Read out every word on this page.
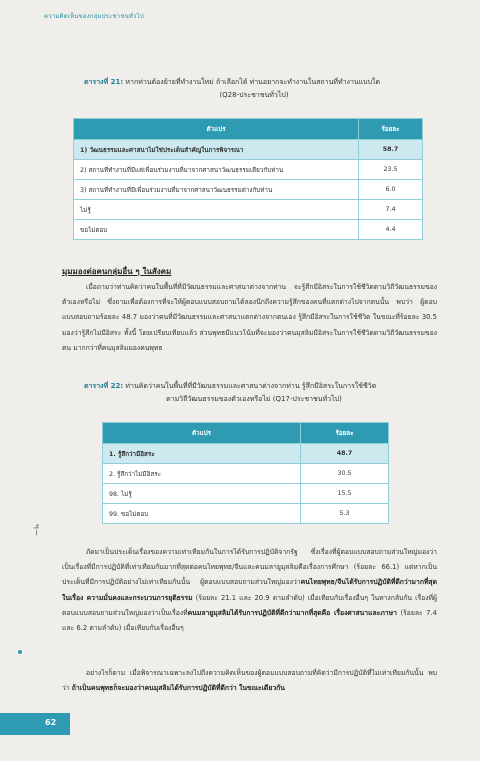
ความคิดเห็นของกลุ่มประชาชนทั่วไป
ตารางที่ 21: หากท่านต้องย้ายที่ทำงานใหม่ ถ้าเลือกได้ ท่านอยากจะทำงานในสถานที่ทำงานแบบใด
(Q28-ประชาชนทั่วไป)
ตัวแปร	ร้อยละ
1) วัฒนธรรมและศาสนาไม่ใช่ประเด็นสำคัญในการพิจารณา	58.7
2) สถานที่ทำงานที่มีแต่เพื่อนร่วมงานที่มาจากศาสนาวัฒนธรรมเดียวกับท่าน	23.5
3) สถานที่ทำงานที่มีเพื่อนร่วมงานที่มาจากศาสนาวัฒนธรรมต่างกับท่าน	6.0
ไม่รู้	7.4
ขอไม่ตอบ	4.4
มุมมองต่อคนกลุ่มอื่น ๆ ในสังคม

เมื่อถามว่าท่านคิดว่าคนในพื้นที่ที่มีวัฒนธรรมและศาสนาต่างจากท่าน จะรู้สึกมีอิสระในการใช้ชีวิตตามวิถีวัฒนธรรมของตัวเองหรือไม่ ซึ่งถามเพื่อต้องการที่จะให้ผู้ตอบแบบสอบถามได้ลองนึกถึงความรู้สึกของคนที่แตกต่างไปจากตนนั้น พบว่า ผู้ตอบแบบสอบถามร้อยละ 48.7 มองว่าคนที่มีวัฒนธรรมและศาสนาแตกต่างจากตนเอง รู้สึกมีอิสระในการใช้ชีวิต ในขณะที่ร้อยละ 30.5 มองว่ารู้สึกไม่มีอิสระ ทั้งนี้ โดยเปรียบเทียบแล้ว ส่วนพุทธมีแนวโน้มที่จะมองว่าคนมุสลิมมีอิสระในการใช้ชีวิตตามวิถีวัฒนธรรมของตน มากกว่าที่คนมุสลิมมองคนพุทธ

ตารางที่ 22: ท่านคิดว่าคนในพื้นที่ที่มีวัฒนธรรมและศาสนาต่างจากท่าน รู้สึกมีอิสระในการใช้ชีวิต
ตามวิถีวัฒนธรรมของตัวเองหรือไม่ (Q17-ประชาชนทั่วไป)
ตัวแปร	ร้อยละ
1. รู้สึกว่ามีอิสระ	48.7
2. รู้สึกว่าไม่มีอิสระ	30.5
98. ไม่รู้	15.5
99. ขอไม่ตอบ	5.3
ฯ~

ถัดมาเป็นประเด็นเรื่องของความเท่าเทียมกันในการได้รับการปฏิบัติจากรัฐ ซึ่งเรื่องที่ผู้ตอบแบบสอบถามส่วนใหญ่มองว่าเป็นเรื่องที่มีการปฏิบัติที่เท่าเทียมกันมากที่สุดต่อคนไทยพุทธ/จีนและคนมลายูมุสลิมคือเรื่องการศึกษา (ร้อยละ 66.1) แต่หากเป็นประเด็นที่มีการปฏิบัติอย่างไม่เท่าเทียมกันนั้น ผู้ตอบแบบสอบถามส่วนใหญ่มองว่าคนไทยพุทธ/จีนได้รับการปฏิบัติที่ดีกว่ามากที่สุดในเรื่อง ความมั่นคงและกระบวนการยุติธรรม (ร้อยละ 21.1 และ 20.9 ตามลำดับ) เมื่อเทียบกับเรื่องอื่นๆ ในทางกลับกัน เรื่องที่ผู้ตอบแบบสอบถามส่วนใหญ่มองว่าเป็นเรื่องที่คนมลายูมุสลิมได้รับการปฏิบัติที่ดีกว่ามากที่สุดคือ เรื่องศาสนาและภาษา (ร้อยละ 7.4 และ 6.2 ตามลำดับ) เมื่อเทียบกับเรื่องอื่นๆ

อย่างไรก็ตาม เมื่อพิจารณาเฉพาะลงไปถึงความคิดเห็นของผู้ตอบแบบสอบถามที่คิดว่ามีการปฏิบัติที่ไม่เท่าเทียมกันนั้น พบว่า ถ้าเป็นคนพุทธก็จะมองว่าคนมุสลิมได้รับการปฏิบัติที่ดีกว่า ในขณะเดียวกัน

62
